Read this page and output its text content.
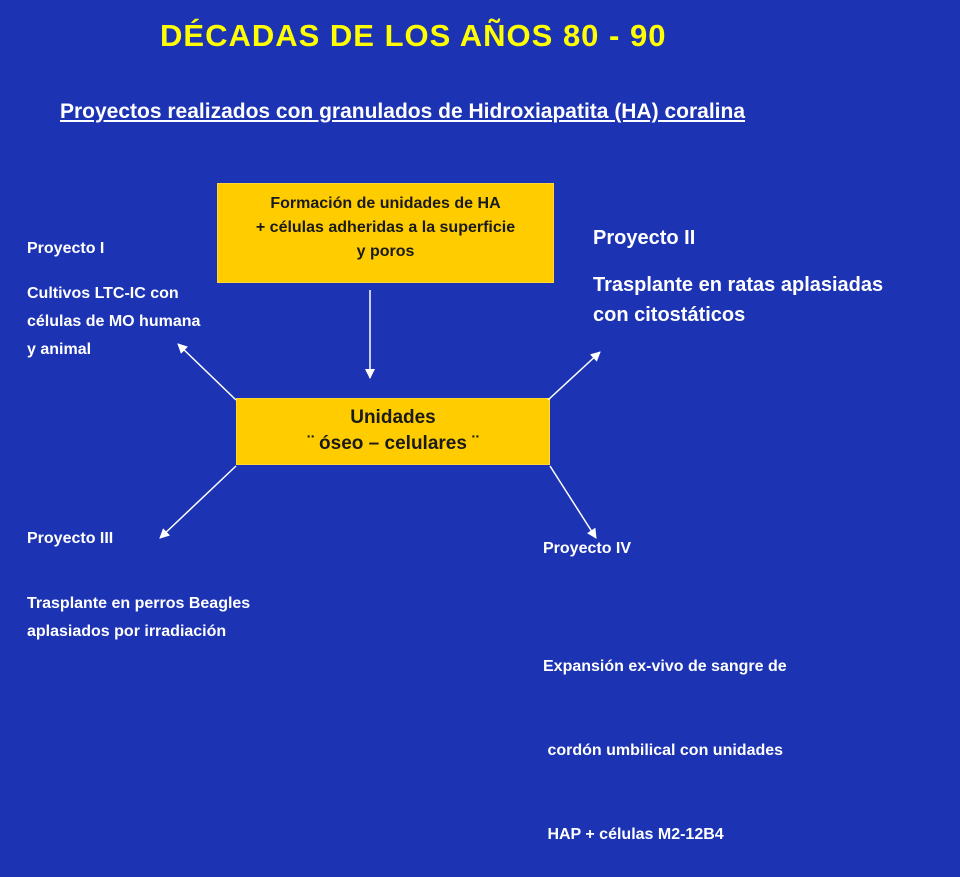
DÉCADAS DE LOS AÑOS 80 - 90
Proyectos realizados con granulados de Hidroxiapatita (HA) coralina
Formación de unidades de HA
+ células adheridas a la superficie
y poros
Unidades
¨ óseo – celulares ¨
Proyecto I
Cultivos LTC-IC con
células de MO humana
y animal
Proyecto II
Trasplante en ratas aplasiadas
con citostáticos
Proyecto III
Trasplante en perros Beagles
aplasiados por irradiación
Proyecto IV

Expansión ex-vivo de sangre de

cordón umbilical con unidades

HAP + células M2-12B4
